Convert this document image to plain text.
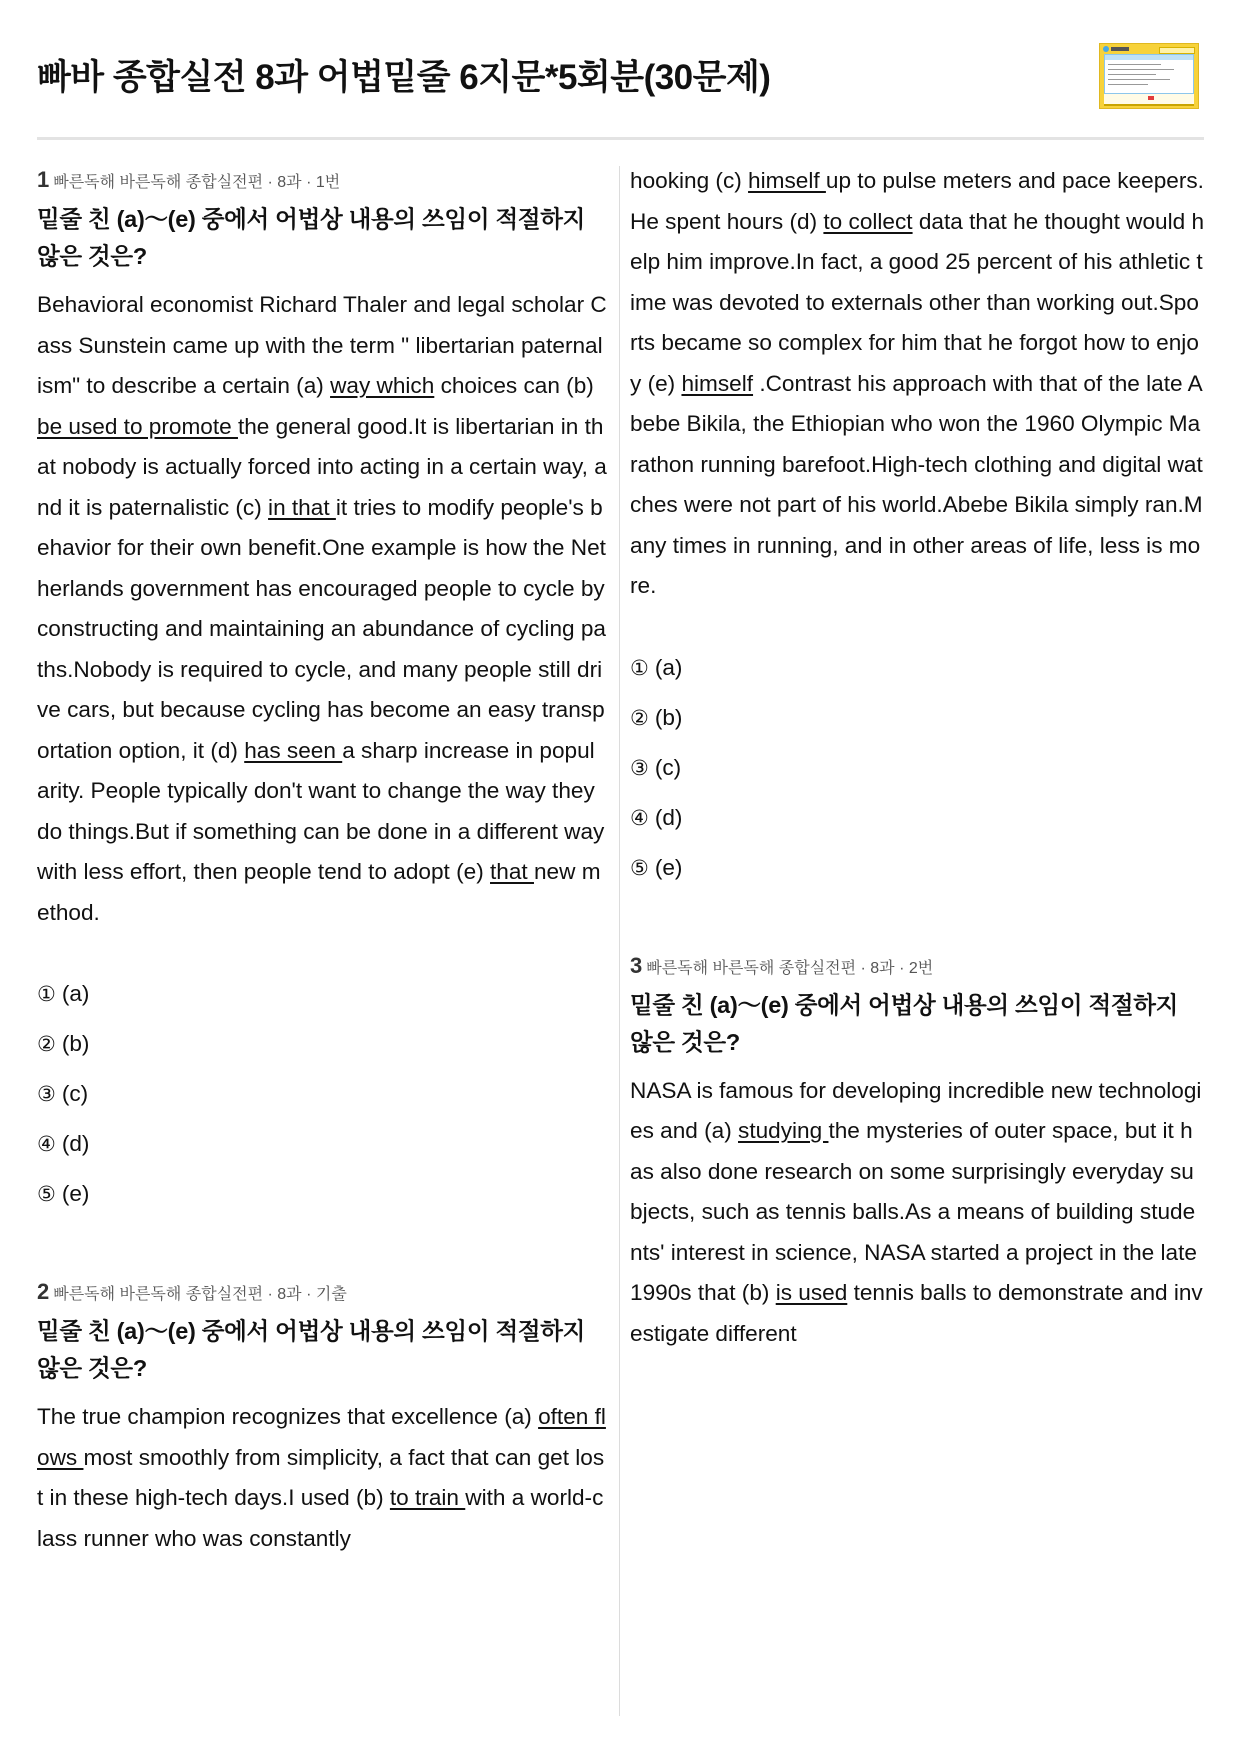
빠바 종합실전 8과 어법밑줄 6지문*5회분(30문제)
1 빠른독해 바른독해 종합실전편 · 8과 · 1번
밑줄 친 (a)〜(e) 중에서 어법상 내용의 쓰임이 적절하지 않은 것은?
Behavioral economist Richard Thaler and legal scholar Cass Sunstein came up with the term " libertarian paternalism" to describe a certain (a) way which choices can (b) be used to promote the general good.It is libertarian in that nobody is actually forced into acting in a certain way, and it is paternalistic (c) in that it tries to modify people's behavior for their own benefit.One example is how the Netherlands government has encouraged people to cycle by constructing and maintaining an abundance of cycling paths.Nobody is required to cycle, and many people still drive cars, but because cycling has become an easy transportation option, it (d) has seen a sharp increase in popularity. People typically don't want to change the way they do things.But if something can be done in a different way with less effort, then people tend to adopt (e) that new method.
① (a)
② (b)
③ (c)
④ (d)
⑤ (e)
2 빠른독해 바른독해 종합실전편 · 8과 · 기출
밑줄 친 (a)〜(e) 중에서 어법상 내용의 쓰임이 적절하지 않은 것은?
The true champion recognizes that excellence (a) often flows most smoothly from simplicity, a fact that can get lost in these high-tech days.I used (b) to train with a world-class runner who was constantly
hooking (c) himself up to pulse meters and pace keepers.He spent hours (d) to collect data that he thought would help him improve.In fact, a good 25 percent of his athletic time was devoted to externals other than working out.Sports became so complex for him that he forgot how to enjoy (e) himself .Contrast his approach with that of the late Abebe Bikila, the Ethiopian who won the 1960 Olympic Marathon running barefoot.High-tech clothing and digital watches were not part of his world.Abebe Bikila simply ran.Many times in running, and in other areas of life, less is more.
① (a)
② (b)
③ (c)
④ (d)
⑤ (e)
3 빠른독해 바른독해 종합실전편 · 8과 · 2번
밑줄 친 (a)〜(e) 중에서 어법상 내용의 쓰임이 적절하지 않은 것은?
NASA is famous for developing incredible new technologies and (a) studying the mysteries of outer space, but it has also done research on some surprisingly everyday subjects, such as tennis balls.As a means of building students' interest in science, NASA started a project in the late 1990s that (b) is used tennis balls to demonstrate and investigate different
